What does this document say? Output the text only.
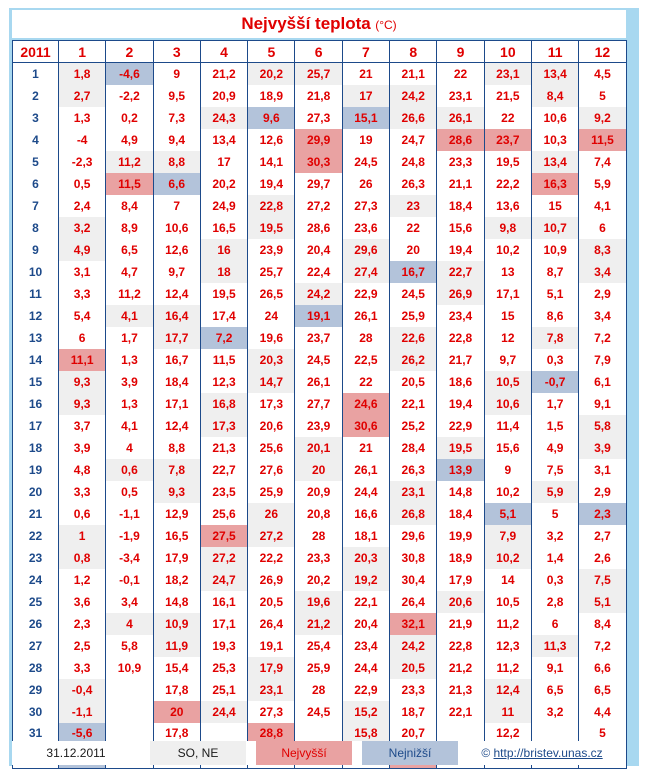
Nejvyšší teplota (°C)
2011	1	2	3	4	5	6	7	8	9	10	11	12
1	1,8	-4,6	9	21,2	20,2	25,7	21	21,1	22	23,1	13,4	4,5
2	2,7	-2,2	9,5	20,9	18,9	21,8	17	24,2	23,1	21,5	8,4	5
3	1,3	0,2	7,3	24,3	9,6	27,3	15,1	26,6	26,1	22	10,6	9,2
4	-4	4,9	9,4	13,4	12,6	29,9	19	24,7	28,6	23,7	10,3	11,5
5	-2,3	11,2	8,8	17	14,1	30,3	24,5	24,8	23,3	19,5	13,4	7,4
6	0,5	11,5	6,6	20,2	19,4	29,7	26	26,3	21,1	22,2	16,3	5,9
7	2,4	8,4	7	24,9	22,8	27,2	27,3	23	18,4	13,6	15	4,1
8	3,2	8,9	10,6	16,5	19,5	28,6	23,6	22	15,6	9,8	10,7	6
9	4,9	6,5	12,6	16	23,9	20,4	29,6	20	19,4	10,2	10,9	8,3
10	3,1	4,7	9,7	18	25,7	22,4	27,4	16,7	22,7	13	8,7	3,4
11	3,3	11,2	12,4	19,5	26,5	24,2	22,9	24,5	26,9	17,1	5,1	2,9
12	5,4	4,1	16,4	17,4	24	19,1	26,1	25,9	23,4	15	8,6	3,4
13	6	1,7	17,7	7,2	19,6	23,7	28	22,6	22,8	12	7,8	7,2
14	11,1	1,3	16,7	11,5	20,3	24,5	22,5	26,2	21,7	9,7	0,3	7,9
15	9,3	3,9	18,4	12,3	14,7	26,1	22	20,5	18,6	10,5	-0,7	6,1
16	9,3	1,3	17,1	16,8	17,3	27,7	24,6	22,1	19,4	10,6	1,7	9,1
17	3,7	4,1	12,4	17,3	20,6	23,9	30,6	25,2	22,9	11,4	1,5	5,8
18	3,9	4	8,8	21,3	25,6	20,1	21	28,4	19,5	15,6	4,9	3,9
19	4,8	0,6	7,8	22,7	27,6	20	26,1	26,3	13,9	9	7,5	3,1
20	3,3	0,5	9,3	23,5	25,9	20,9	24,4	23,1	14,8	10,2	5,9	2,9
21	0,6	-1,1	12,9	25,6	26	20,8	16,6	26,8	18,4	5,1	5	2,3
22	1	-1,9	16,5	27,5	27,2	28	18,1	29,6	19,9	7,9	3,2	2,7
23	0,8	-3,4	17,9	27,2	22,2	23,3	20,3	30,8	18,9	10,2	1,4	2,6
24	1,2	-0,1	18,2	24,7	26,9	20,2	19,2	30,4	17,9	14	0,3	7,5
25	3,6	3,4	14,8	16,1	20,5	19,6	22,1	26,4	20,6	10,5	2,8	5,1
26	2,3	4	10,9	17,1	26,4	21,2	20,4	32,1	21,9	11,2	6	8,4
27	2,5	5,8	11,9	19,3	19,1	25,4	23,4	24,2	22,8	12,3	11,3	7,2
28	3,3	10,9	15,4	25,3	17,9	25,9	24,4	20,5	21,2	11,2	9,1	6,6
29	-0,4		17,8	25,1	23,1	28	22,9	23,3	21,3	12,4	6,5	6,5
30	-1,1		20	24,4	27,3	24,5	15,2	18,7	22,1	11	3,2	4,4
31	-5,6		17,8		28,8		15,8	20,7		12,2		5

31.12.2011	SO, NE	Nejvyšší	Nejnižší	©
http://bristev.unas.cz
